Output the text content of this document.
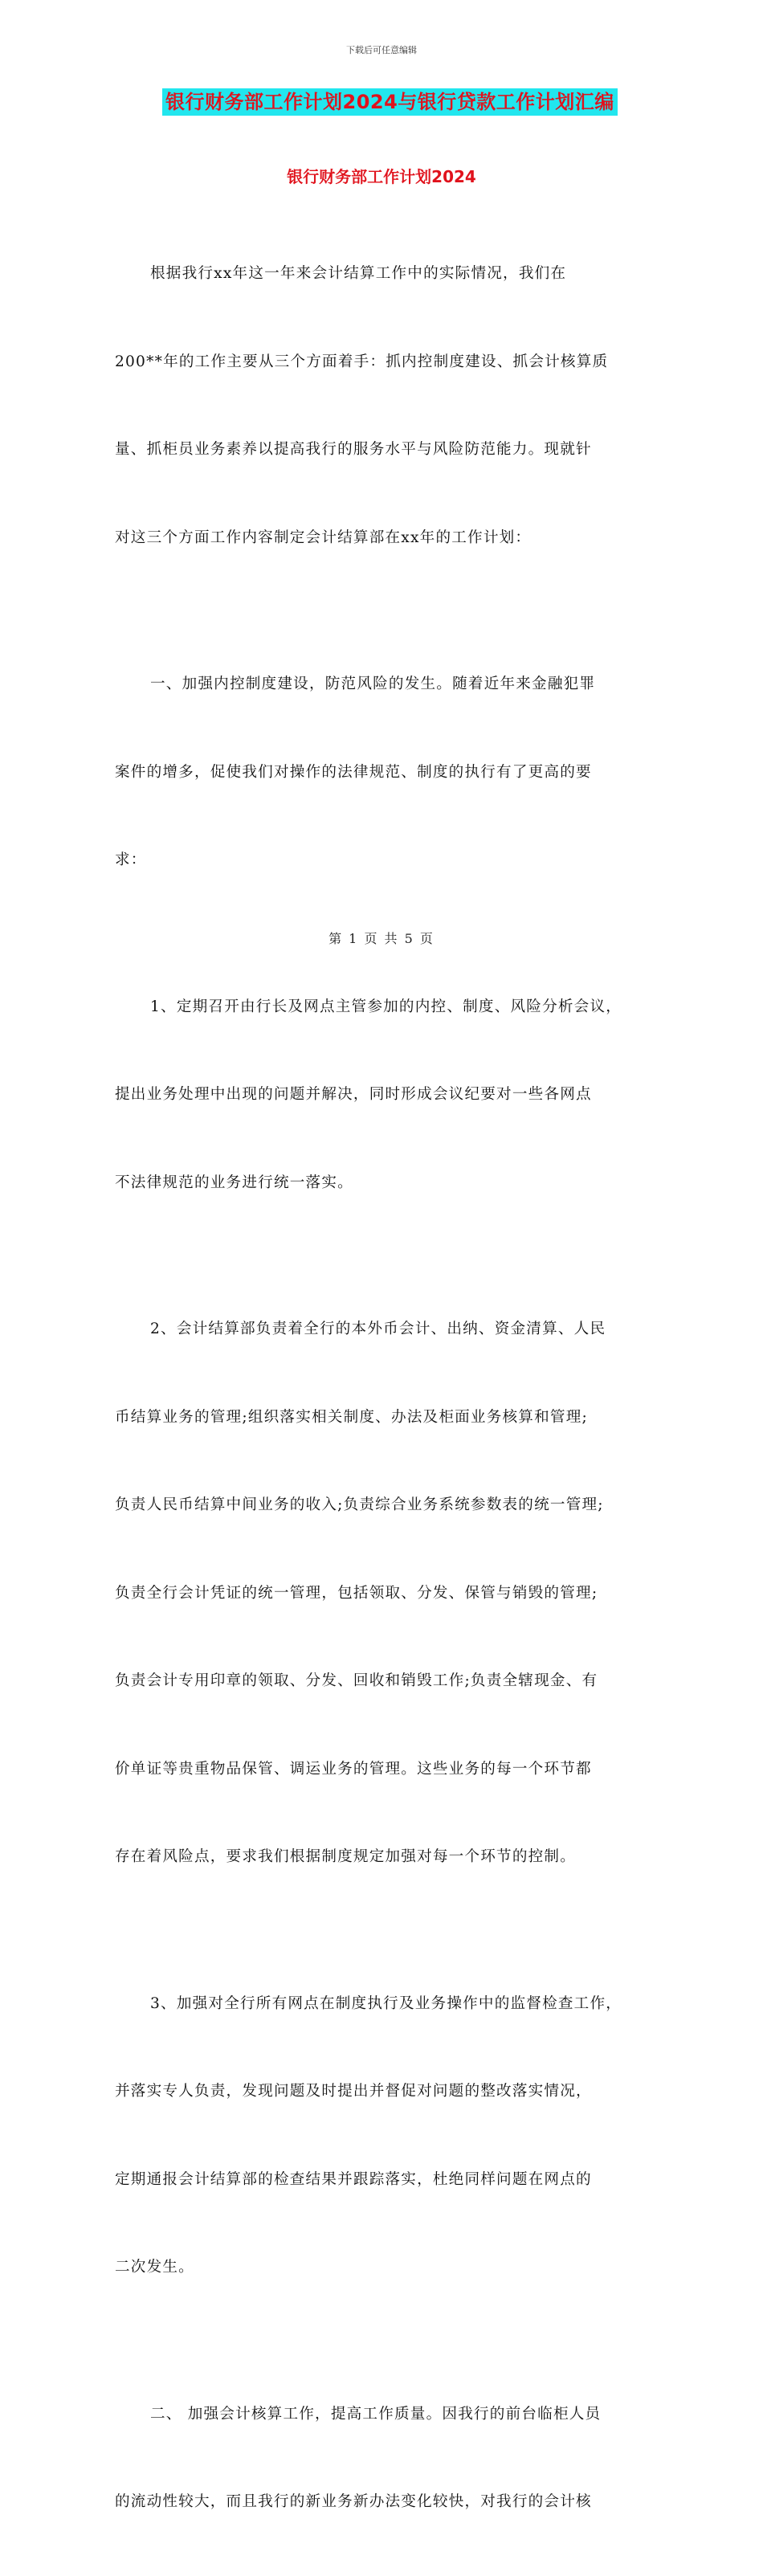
下载后可任意编辑
银行财务部工作计划2024与银行贷款工作计划汇编
银行财务部工作计划2024

根据我行xx年这一年来会计结算工作中的实际情况，我们在

200**年的工作主要从三个方面着手：抓内控制度建设、抓会计核算质

量、抓柜员业务素养以提高我行的服务水平与风险防范能力。现就针

对这三个方面工作内容制定会计结算部在xx年的工作计划：

一、加强内控制度建设，防范风险的发生。随着近年来金融犯罪

案件的增多，促使我们对操作的法律规范、制度的执行有了更高的要

求：

1、定期召开由行长及网点主管参加的内控、制度、风险分析会议，

提出业务处理中出现的问题并解决，同时形成会议纪要对一些各网点

不法律规范的业务进行统一落实。

2、会计结算部负责着全行的本外币会计、出纳、资金清算、人民

币结算业务的管理;组织落实相关制度、办法及柜面业务核算和管理;

负责人民币结算中间业务的收入;负责综合业务系统参数表的统一管理;

负责全行会计凭证的统一管理，包括领取、分发、保管与销毁的管理;

负责会计专用印章的领取、分发、回收和销毁工作;负责全辖现金、有

价单证等贵重物品保管、调运业务的管理。这些业务的每一个环节都

存在着风险点，要求我们根据制度规定加强对每一个环节的控制。

3、加强对全行所有网点在制度执行及业务操作中的监督检查工作，

并落实专人负责，发现问题及时提出并督促对问题的整改落实情况，

定期通报会计结算部的检查结果并跟踪落实，杜绝同样问题在网点的

二次发生。

二、 加强会计核算工作，提高工作质量。因我行的前台临柜人员

的流动性较大，而且我行的新业务新办法变化较快，对我行的会计核

第 1 页 共 5 页
